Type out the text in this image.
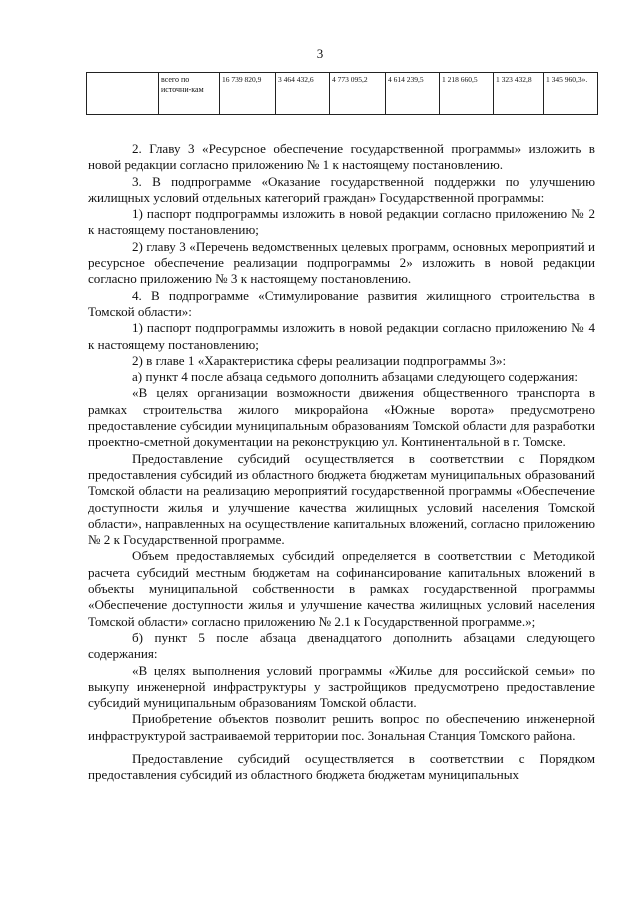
3
	всего по источни-кам	16 739 820,9	3 464 432,6	4 773 095,2	4 614 239,5	1 218 660,5	1 323 432,8	1 345 960,3».

2. Главу 3 «Ресурсное обеспечение государственной программы» изложить в новой редакции согласно приложению № 1 к настоящему постановлению.

3. В подпрограмме «Оказание государственной поддержки по улучшению жилищных условий отдельных категорий граждан» Государственной программы:

1) паспорт подпрограммы изложить в новой редакции согласно приложению № 2 к настоящему постановлению;

2) главу 3 «Перечень ведомственных целевых программ, основных мероприятий и ресурсное обеспечение реализации подпрограммы 2» изложить в новой редакции согласно приложению № 3 к настоящему постановлению.

4. В подпрограмме «Стимулирование развития жилищного строительства в Томской области»:

1) паспорт подпрограммы изложить в новой редакции согласно приложению № 4 к настоящему постановлению;

2) в главе 1 «Характеристика сферы реализации подпрограммы 3»:

а) пункт 4 после абзаца седьмого дополнить абзацами следующего содержания:

«В целях организации возможности движения общественного транспорта в рамках строительства жилого микрорайона «Южные ворота» предусмотрено предоставление субсидии муниципальным образованиям Томской области для разработки проектно-сметной документации на реконструкцию ул. Континентальной в г. Томске.

Предоставление субсидий осуществляется в соответствии с Порядком предоставления субсидий из областного бюджета бюджетам муниципальных образований Томской области на реализацию мероприятий государственной программы «Обеспечение доступности жилья и улучшение качества жилищных условий населения Томской области», направленных на осуществление капитальных вложений, согласно приложению № 2 к Государственной программе.

Объем предоставляемых субсидий определяется в соответствии с Методикой расчета субсидий местным бюджетам на софинансирование капитальных вложений в объекты муниципальной собственности в рамках государственной программы «Обеспечение доступности жилья и улучшение качества жилищных условий населения Томской области» согласно приложению № 2.1 к Государственной программе.»;

б) пункт 5 после абзаца двенадцатого дополнить абзацами следующего содержания:

«В целях выполнения условий программы «Жилье для российской семьи» по выкупу инженерной инфраструктуры у застройщиков предусмотрено предоставление субсидий муниципальным образованиям Томской области.

Приобретение объектов позволит решить вопрос по обеспечению инженерной инфраструктурой застраиваемой территории пос. Зональная Станция Томского района.

Предоставление субсидий осуществляется в соответствии с Порядком предоставления субсидий из областного бюджета бюджетам муниципальных
